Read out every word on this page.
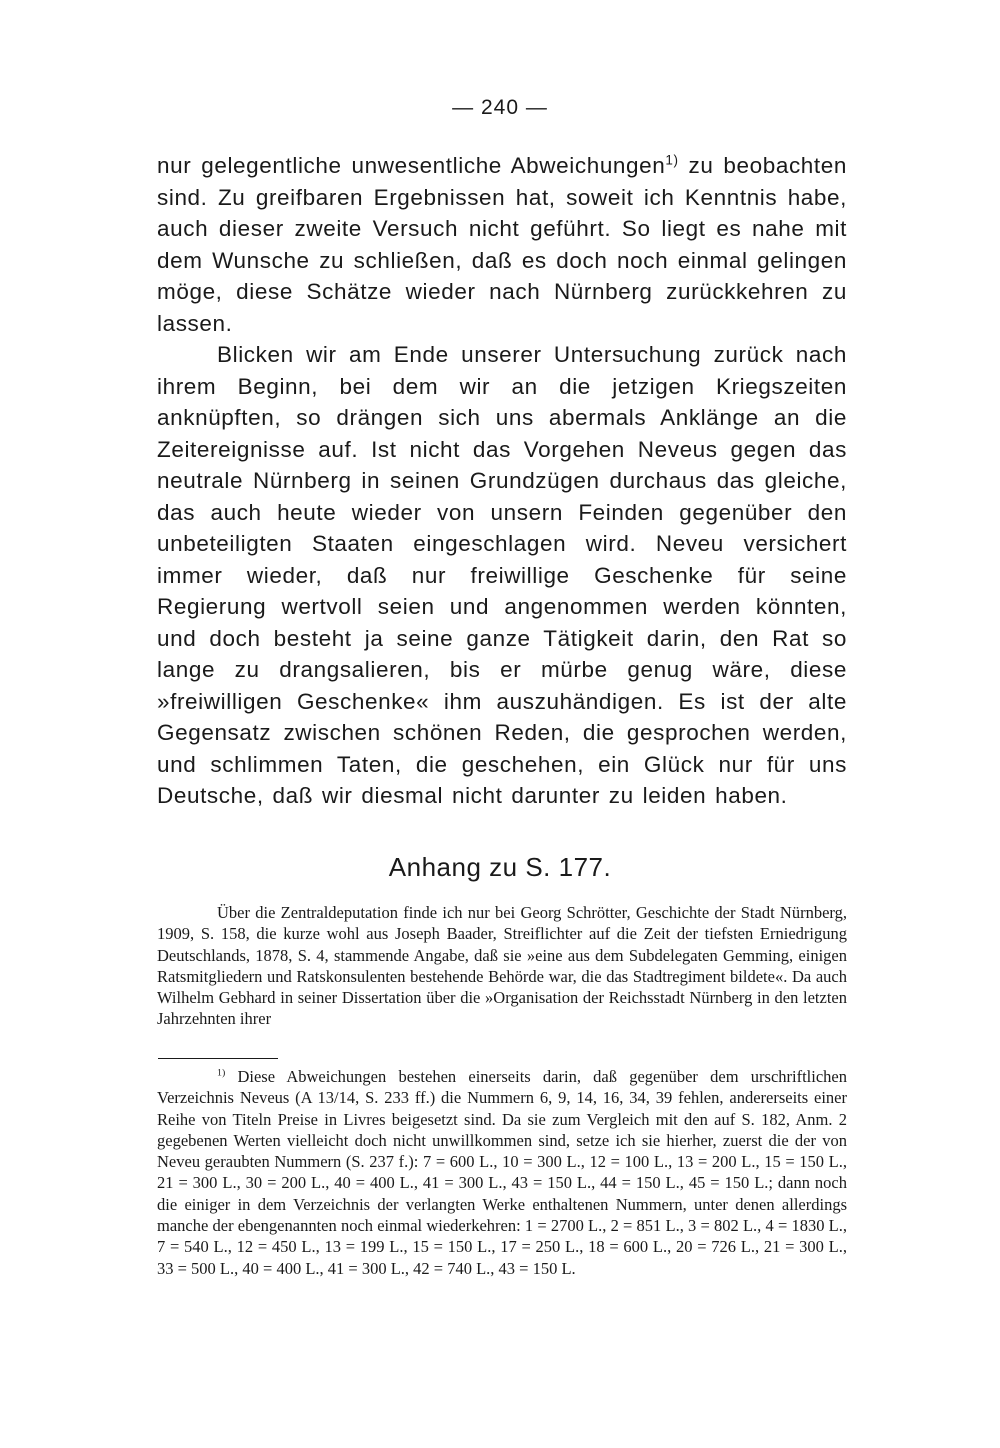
— 240 —

nur gelegentliche unwesentliche Abweichungen$^{1)}$ zu beobachten sind. Zu greifbaren Ergebnissen hat, soweit ich Kenntnis habe, auch dieser zweite Versuch nicht geführt. So liegt es nahe mit dem Wunsche zu schließen, daß es doch noch einmal gelingen möge, diese Schätze wieder nach Nürnberg zurückkehren zu lassen.

Blicken wir am Ende unserer Untersuchung zurück nach ihrem Beginn, bei dem wir an die jetzigen Kriegszeiten anknüpften, so drängen sich uns abermals Anklänge an die Zeitereignisse auf. Ist nicht das Vorgehen Neveus gegen das neutrale Nürnberg in seinen Grundzügen durchaus das gleiche, das auch heute wieder von unsern Feinden gegenüber den unbeteiligten Staaten eingeschlagen wird. Neveu versichert immer wieder, daß nur freiwillige Geschenke für seine Regierung wertvoll seien und angenommen werden könnten, und doch besteht ja seine ganze Tätigkeit darin, den Rat so lange zu drangsalieren, bis er mürbe genug wäre, diese »freiwilligen Geschenke« ihm auszuhändigen. Es ist der alte Gegensatz zwischen schönen Reden, die gesprochen werden, und schlimmen Taten, die geschehen, ein Glück nur für uns Deutsche, daß wir diesmal nicht darunter zu leiden haben.

Anhang zu S. 177.

Über die Zentraldeputation finde ich nur bei Georg Schrötter, Geschichte der Stadt Nürnberg, 1909, S. 158, die kurze wohl aus Joseph Baader, Streiflichter auf die Zeit der tiefsten Erniedrigung Deutschlands, 1878, S. 4, stammende Angabe, daß sie »eine aus dem Subdelegaten Gemming, einigen Ratsmitgliedern und Ratskonsulenten bestehende Behörde war, die das Stadtregiment bildete«. Da auch Wilhelm Gebhard in seiner Dissertation über die »Organisation der Reichsstadt Nürnberg in den letzten Jahrzehnten ihrer

$^{1)}$ Diese Abweichungen bestehen einerseits darin, daß gegenüber dem urschriftlichen Verzeichnis Neveus (A 13/14, S. 233 ff.) die Nummern 6, 9, 14, 16, 34, 39 fehlen, andererseits einer Reihe von Titeln Preise in Livres beigesetzt sind. Da sie zum Vergleich mit den auf S. 182, Anm. 2 gegebenen Werten vielleicht doch nicht unwillkommen sind, setze ich sie hierher, zuerst die der von Neveu geraubten Nummern (S. 237 f.): 7 = 600 L., 10 = 300 L., 12 = 100 L., 13 = 200 L., 15 = 150 L., 21 = 300 L., 30 = 200 L., 40 = 400 L., 41 = 300 L., 43 = 150 L., 44 = 150 L., 45 = 150 L.; dann noch die einiger in dem Verzeichnis der verlangten Werke enthaltenen Nummern, unter denen allerdings manche der ebengenannten noch einmal wiederkehren: 1 = 2700 L., 2 = 851 L., 3 = 802 L., 4 = 1830 L., 7 = 540 L., 12 = 450 L., 13 = 199 L., 15 = 150 L., 17 = 250 L., 18 = 600 L., 20 = 726 L., 21 = 300 L., 33 = 500 L., 40 = 400 L., 41 = 300 L., 42 = 740 L., 43 = 150 L.
